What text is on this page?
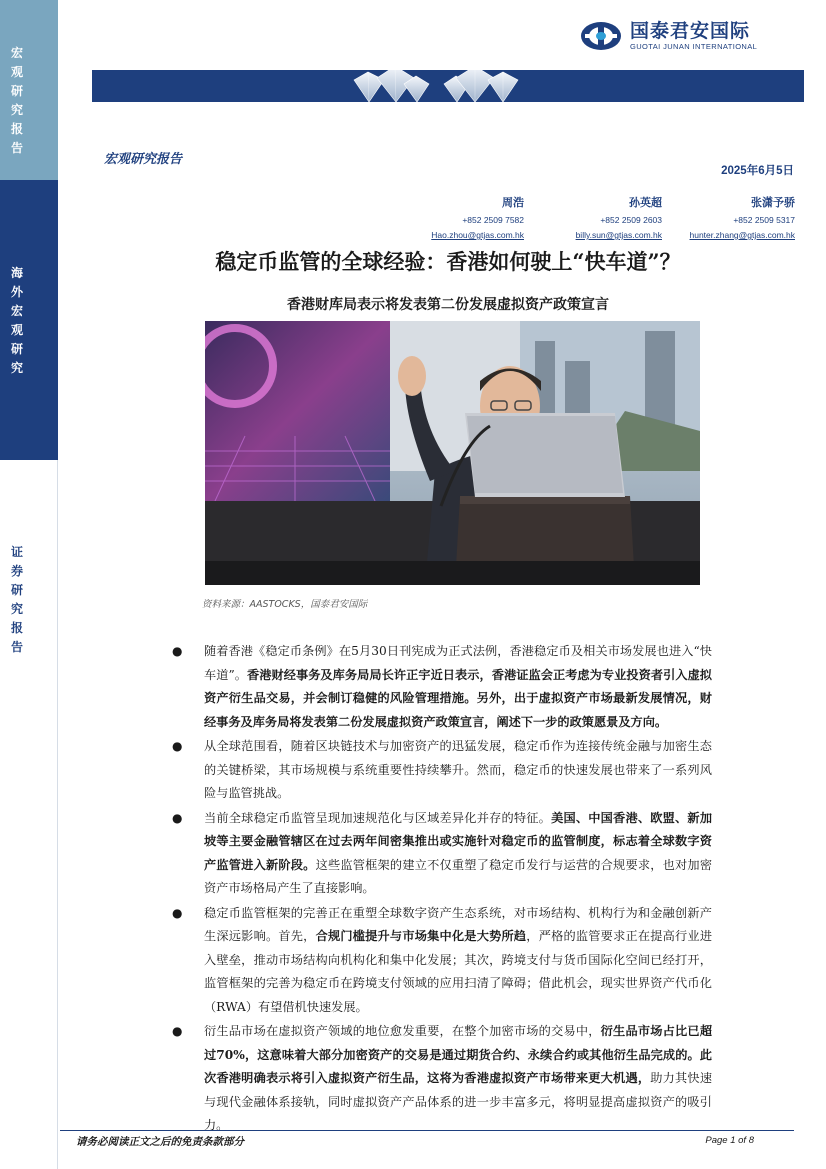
宏观研究报告
海外宏观研究
证券研究报告
国泰君安国际
GUOTAI JUNAN INTERNATIONAL
宏观研究报告
2025年6月5日
周浩
+852 2509 7582
Hao.zhou@gtjas.com.hk
孙英超
+852 2509 2603
billy.sun@gtjas.com.hk
张潇予骄
+852 2509 5317
hunter.zhang@gtjas.com.hk
稳定币监管的全球经验：香港如何驶上“快车道”？
香港财库局表示将发表第二份发展虚拟资产政策宣言
资料来源：AASTOCKS，国泰君安国际
● 随着香港《稳定币条例》在5月30日刊宪成为正式法例，香港稳定币及相关市场发展也进入“快车道”。香港财经事务及库务局局长许正宇近日表示，香港证监会正考虑为专业投资者引入虚拟资产衍生品交易，并会制订稳健的风险管理措施。另外，出于虚拟资产市场最新发展情况，财经事务及库务局将发表第二份发展虚拟资产政策宣言，阐述下一步的政策愿景及方向。
● 从全球范围看，随着区块链技术与加密资产的迅猛发展，稳定币作为连接传统金融与加密生态的关键桥梁，其市场规模与系统重要性持续攀升。然而，稳定币的快速发展也带来了一系列风险与监管挑战。
● 当前全球稳定币监管呈现加速规范化与区域差异化并存的特征。美国、中国香港、欧盟、新加坡等主要金融管辖区在过去两年间密集推出或实施针对稳定币的监管制度，标志着全球数字资产监管进入新阶段。这些监管框架的建立不仅重塑了稳定币发行与运营的合规要求，也对加密资产市场格局产生了直接影响。
● 稳定币监管框架的完善正在重塑全球数字资产生态系统，对市场结构、机构行为和金融创新产生深远影响。首先，合规门槛提升与市场集中化是大势所趋，严格的监管要求正在提高行业进入壁垒，推动市场结构向机构化和集中化发展；其次，跨境支付与货币国际化空间已经打开，监管框架的完善为稳定币在跨境支付领域的应用扫清了障碍；借此机会，现实世界资产代币化（RWA）有望借机快速发展。
● 衍生品市场在虚拟资产领域的地位愈发重要，在整个加密市场的交易中，衍生品市场占比已超过70%，这意味着大部分加密资产的交易是通过期货合约、永续合约或其他衍生品完成的。此次香港明确表示将引入虚拟资产衍生品，这将为香港虚拟资产市场带来更大机遇，助力其快速与现代金融体系接轨，同时虚拟资产产品体系的进一步丰富多元，将明显提高虚拟资产的吸引力。
请务必阅读正文之后的免责条款部分	Page 1 of 8
